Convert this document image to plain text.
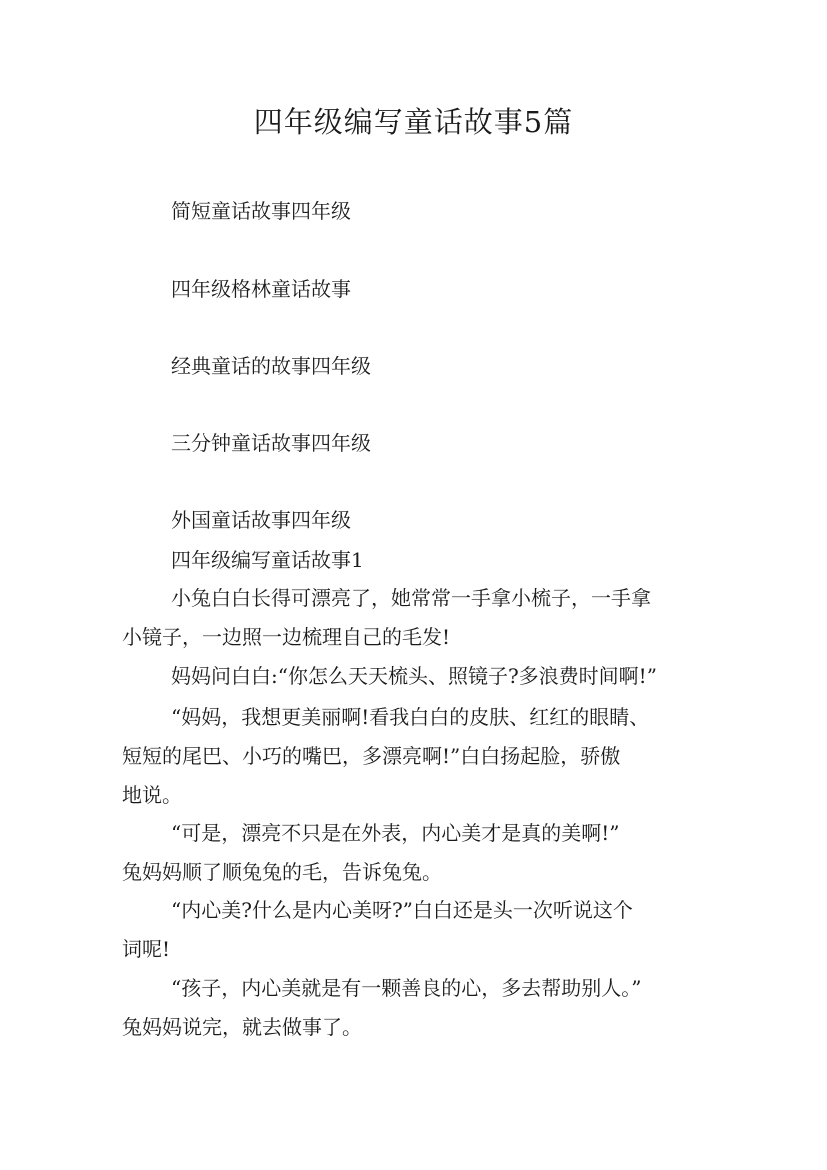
四年级编写童话故事5篇

简短童话故事四年级

四年级格林童话故事

经典童话的故事四年级

三分钟童话故事四年级

外国童话故事四年级

四年级编写童话故事1

小兔白白长得可漂亮了，她常常一手拿小梳子，一手拿

小镜子，一边照一边梳理自己的毛发!

妈妈问白白:“你怎么天天梳头、照镜子?多浪费时间啊!”

“妈妈，我想更美丽啊!看我白白的皮肤、红红的眼睛、

短短的尾巴、小巧的嘴巴，多漂亮啊!”白白扬起脸，骄傲

地说。

“可是，漂亮不只是在外表，内心美才是真的美啊!”

兔妈妈顺了顺兔兔的毛，告诉兔兔。

“内心美?什么是内心美呀?”白白还是头一次听说这个

词呢!

“孩子，内心美就是有一颗善良的心，多去帮助别人。”

兔妈妈说完，就去做事了。
